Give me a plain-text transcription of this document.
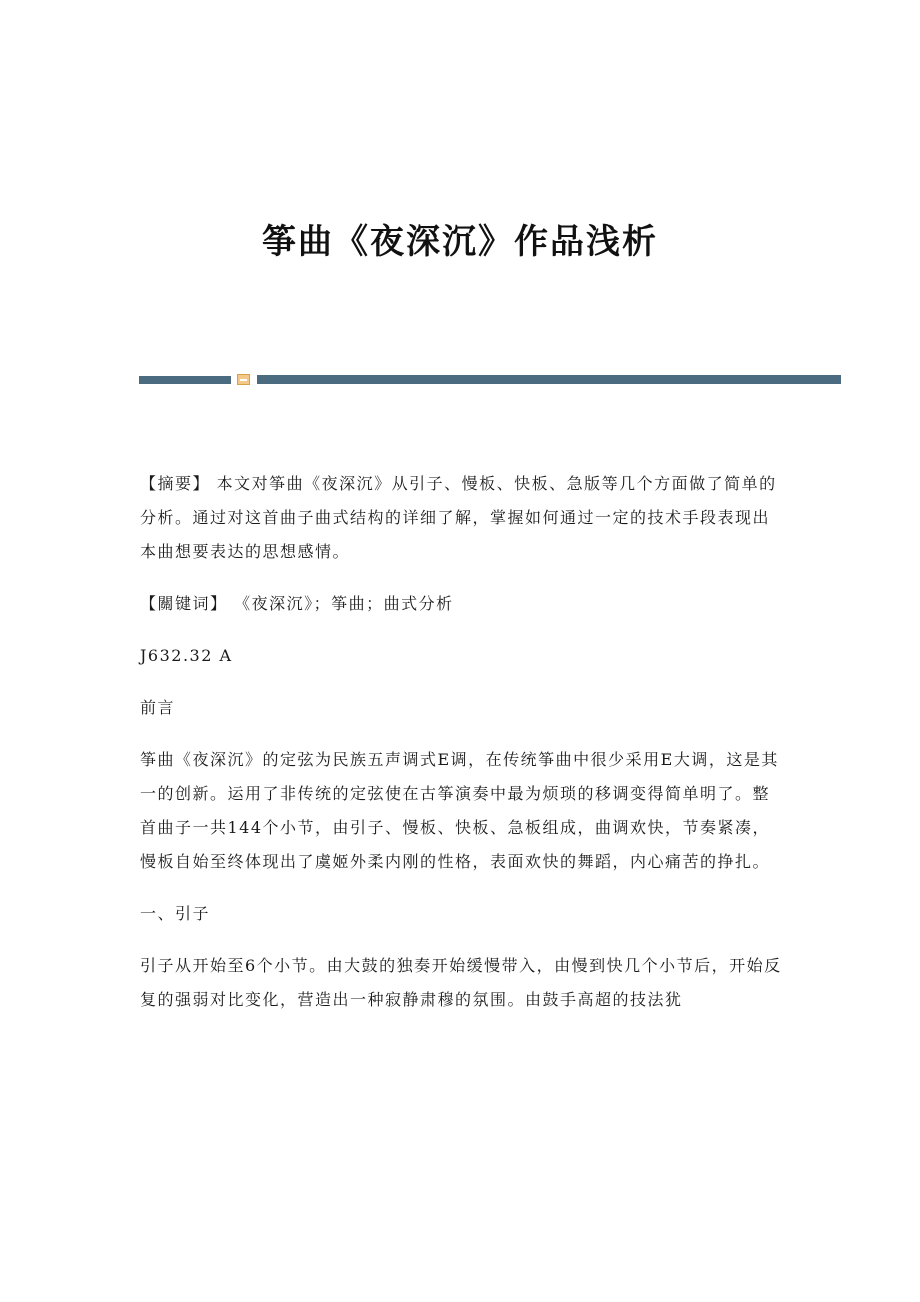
筝曲《夜深沉》作品浅析

【摘要】 本文对筝曲《夜深沉》从引子、慢板、快板、急版等几个方面做了简单的分析。通过对这首曲子曲式结构的详细了解，掌握如何通过一定的技术手段表现出本曲想要表达的思想感情。

【關键词】 《夜深沉》；筝曲；曲式分析

J632.32 A

前言

筝曲《夜深沉》的定弦为民族五声调式E调，在传统筝曲中很少采用E大调，这是其一的创新。运用了非传统的定弦使在古筝演奏中最为烦琐的移调变得简单明了。整首曲子一共144个小节，由引子、慢板、快板、急板组成，曲调欢快，节奏紧凑，慢板自始至终体现出了虞姬外柔内刚的性格，表面欢快的舞蹈，内心痛苦的挣扎。

一、引子

引子从开始至6个小节。由大鼓的独奏开始缓慢带入，由慢到快几个小节后，开始反复的强弱对比变化，营造出一种寂静肃穆的氛围。由鼓手高超的技法犹
